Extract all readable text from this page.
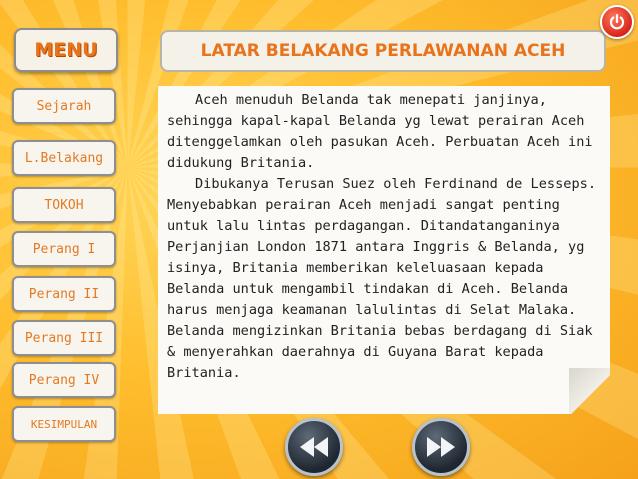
MENU
Sejarah
L.Belakang
TOKOH
Perang I
Perang II
Perang III
Perang IV
KESIMPULAN
LATAR BELAKANG PERLAWANAN ACEH

Aceh menuduh Belanda tak menepati janjinya, sehingga kapal-kapal Belanda yg lewat perairan Aceh ditenggelamkan oleh pasukan Aceh. Perbuatan Aceh ini didukung Britania.

Dibukanya Terusan Suez oleh Ferdinand de Lesseps. Menyebabkan perairan Aceh menjadi sangat penting untuk lalu lintas perdagangan. Ditandatanganinya Perjanjian London 1871 antara Inggris & Belanda, yg isinya, Britania memberikan keleluasaan kepada Belanda untuk mengambil tindakan di Aceh. Belanda harus menjaga keamanan lalulintas di Selat Malaka. Belanda mengizinkan Britania bebas berdagang di Siak & menyerahkan daerahnya di Guyana Barat kepada Britania.
